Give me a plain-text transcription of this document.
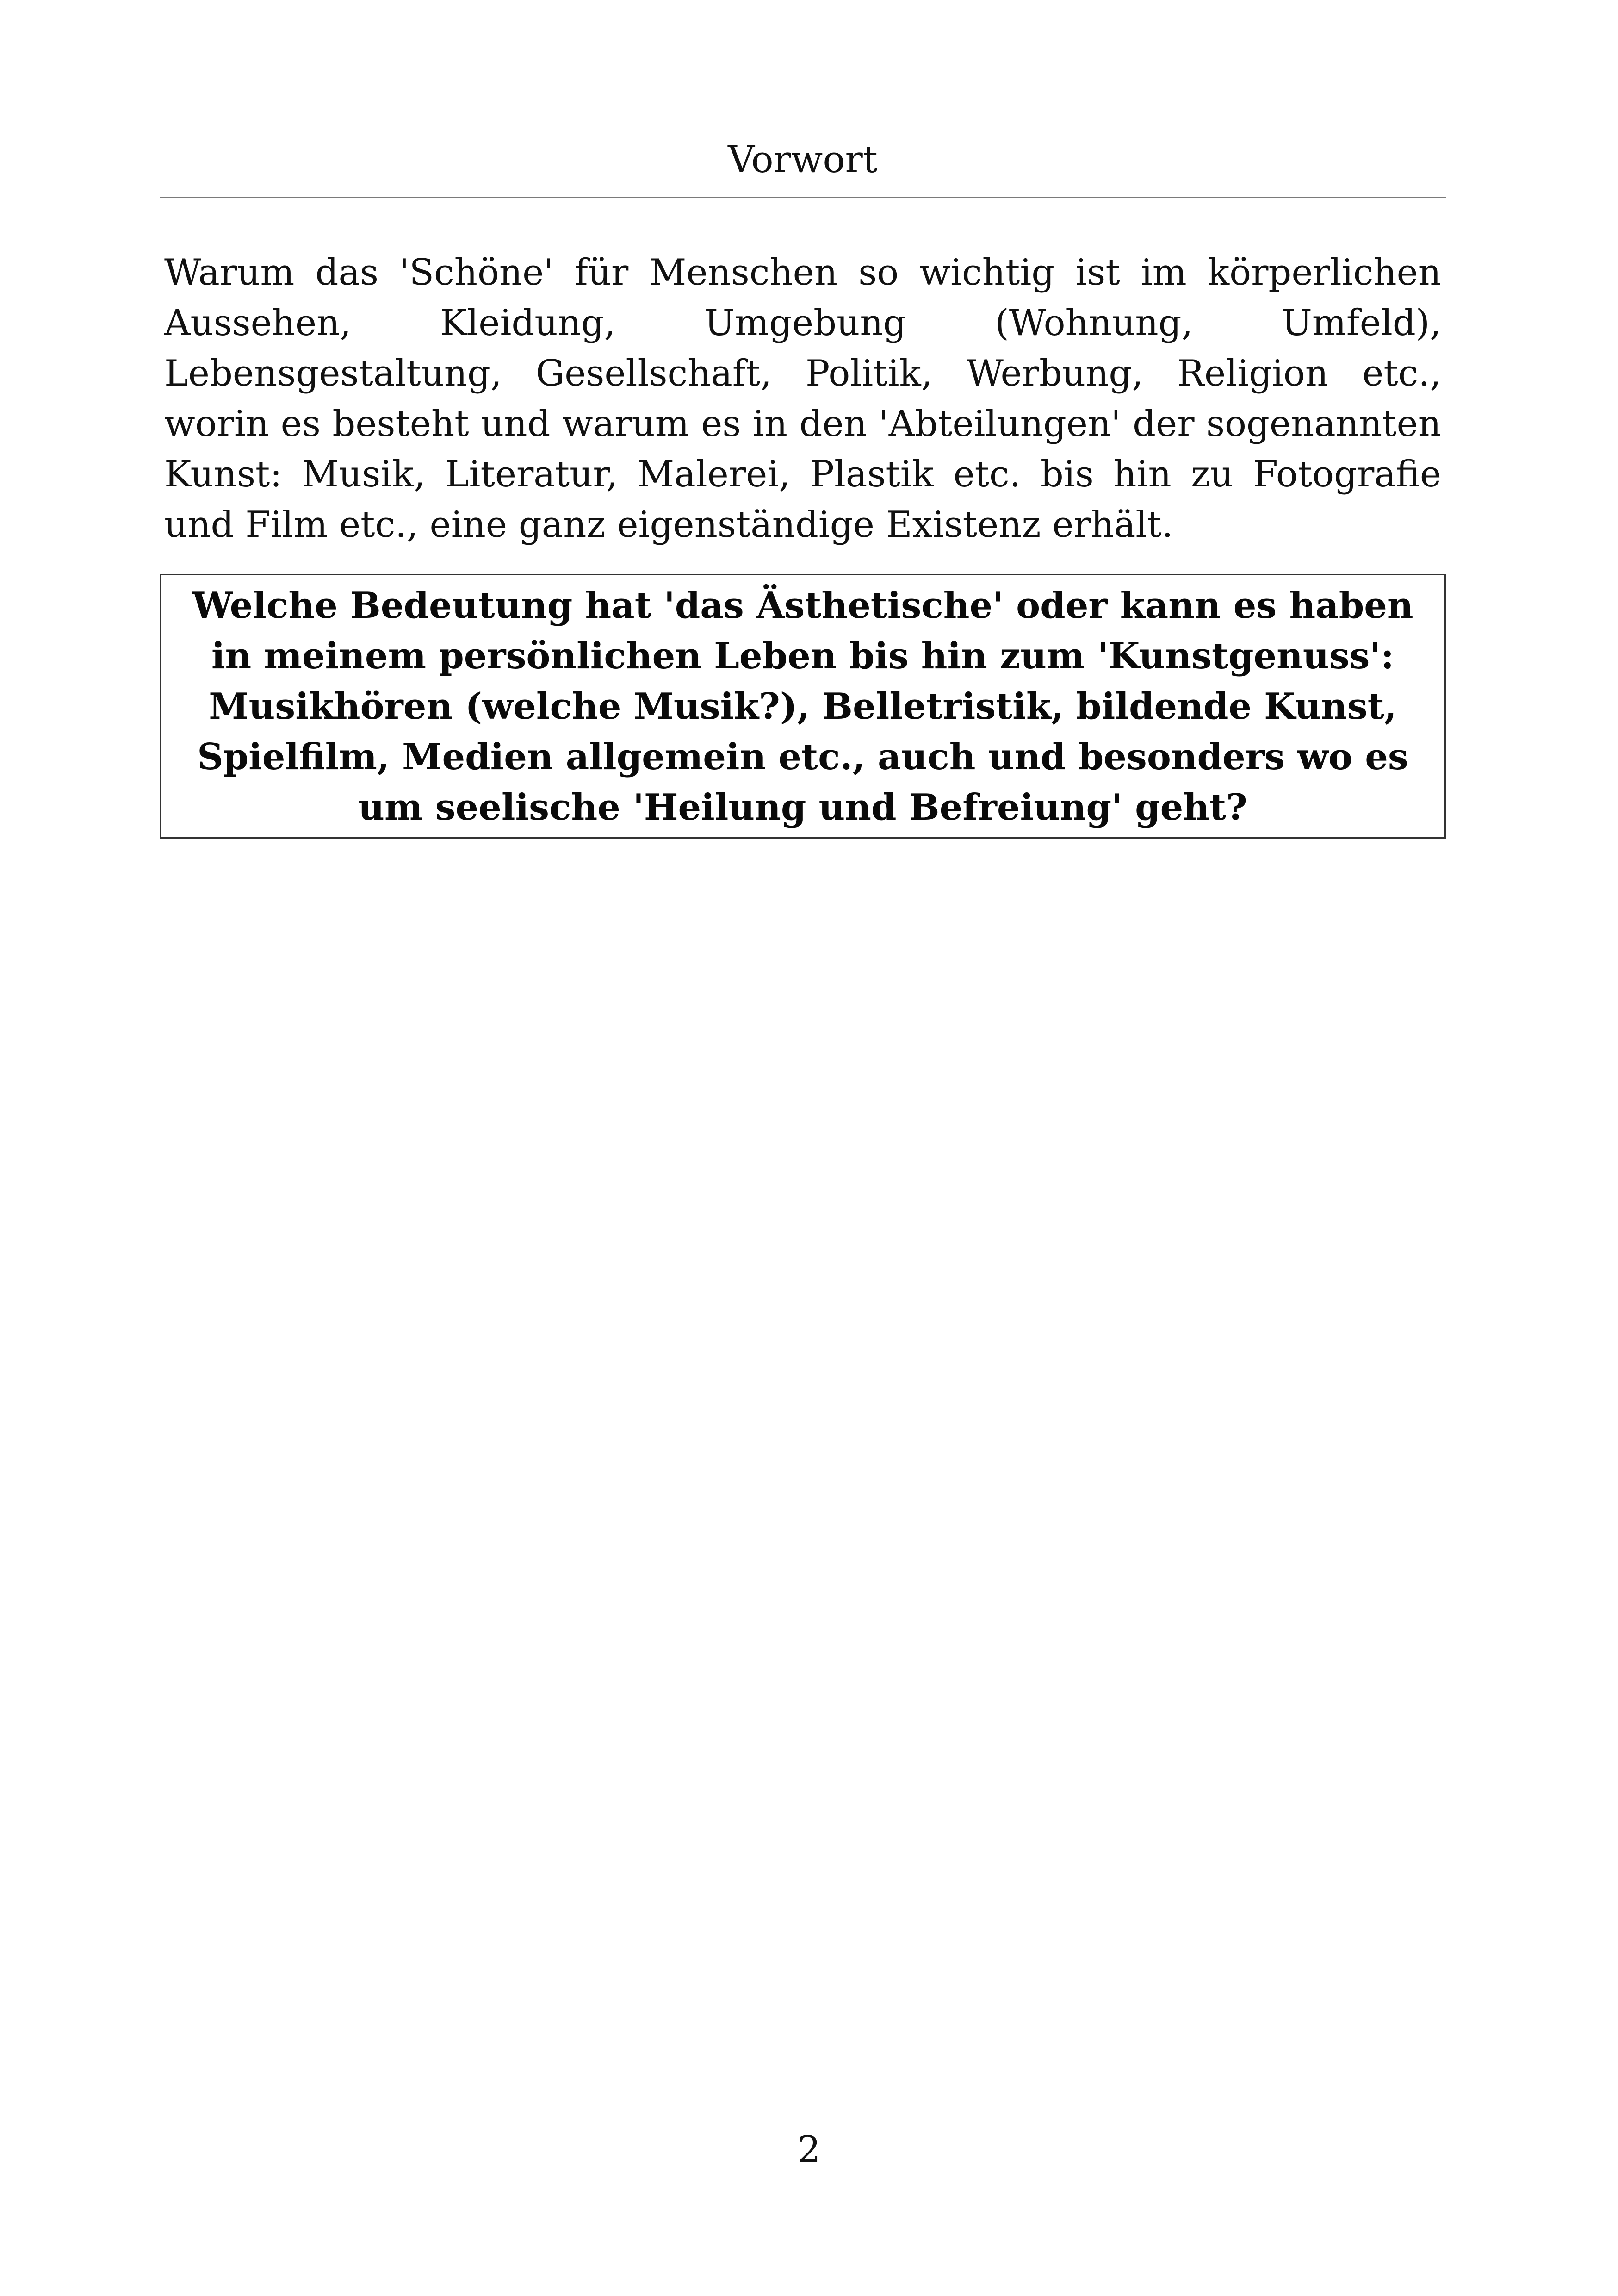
Vorwort

Warum das 'Schöne' für Menschen so wichtig ist im körperlichen Aussehen, Kleidung, Umgebung (Wohnung, Umfeld), Lebensgestaltung, Gesellschaft, Politik, Werbung, Religion etc., worin es besteht und warum es in den 'Abteilungen' der sogenannten Kunst: Musik, Literatur, Malerei, Plastik etc. bis hin zu Fotografie und Film etc., eine ganz eigenständige Existenz erhält.

Welche Bedeutung hat 'das Ästhetische' oder kann es haben in meinem persönlichen Leben bis hin zum 'Kunstgenuss': Musikhören (welche Musik?), Belletristik, bildende Kunst, Spielfilm, Medien allgemein etc., auch und besonders wo es um seelische 'Heilung und Befreiung' geht?

2
